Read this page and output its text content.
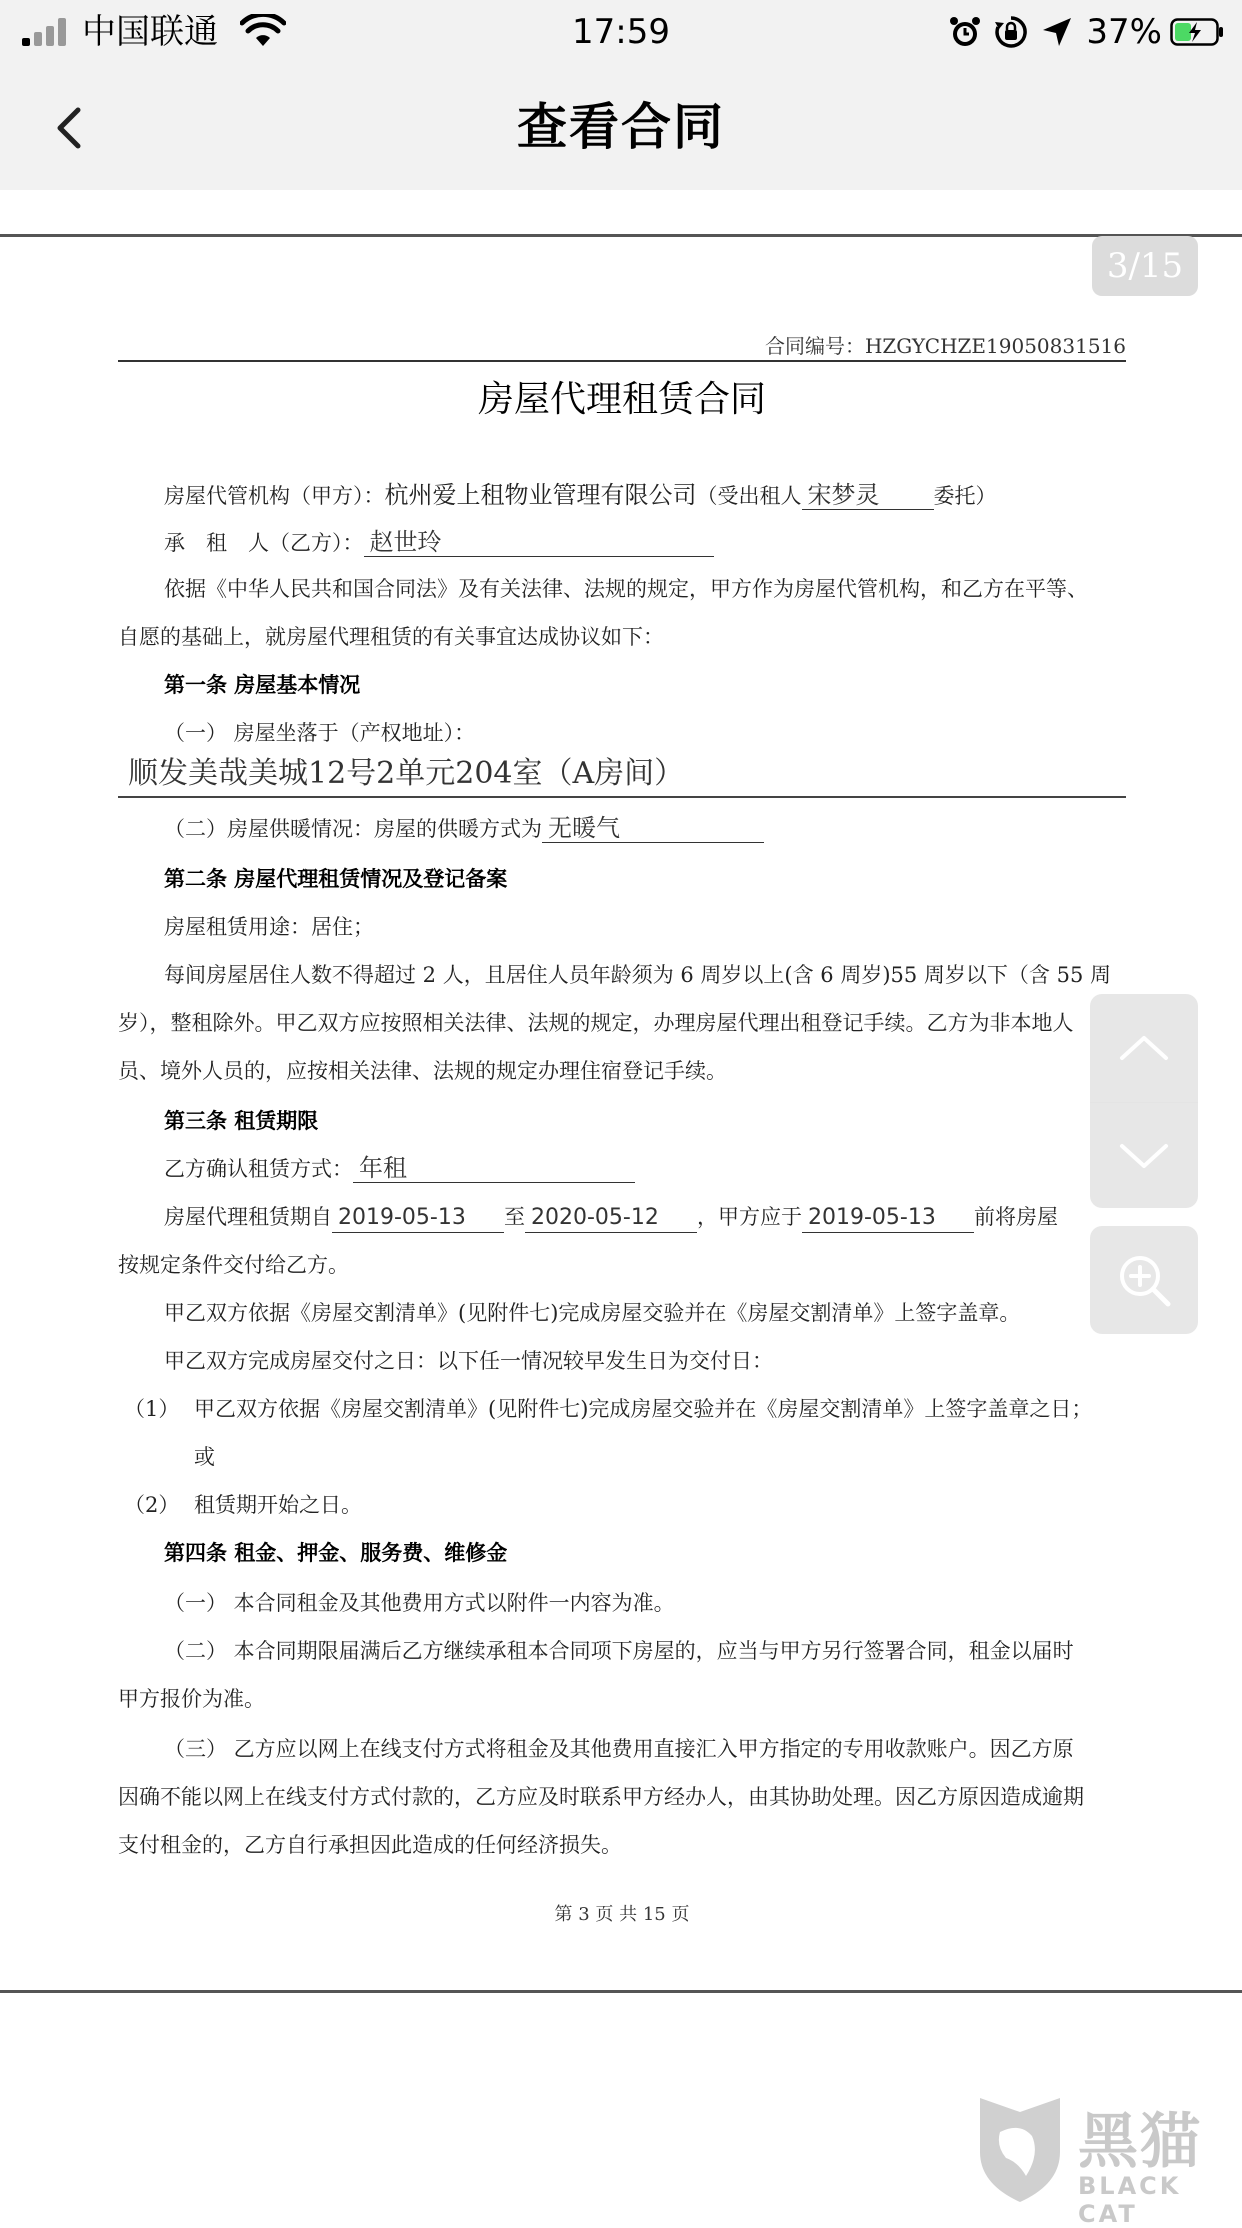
中国联通	17:59	37%
查看合同
3/15
合同编号：HZGYCHZE19050831516
房屋代理租赁合同
房屋代管机构（甲方）：杭州爱上租物业管理有限公司（受出租人 宋梦灵	委托）
承　租　人（乙方）： 赵世玲
依据《中华人民共和国合同法》及有关法律、法规的规定，甲方作为房屋代管机构，和乙方在平等、
自愿的基础上，就房屋代理租赁的有关事宜达成协议如下：
第一条 房屋基本情况
（一） 房屋坐落于（产权地址）：
顺发美哉美城12号2单元204室（A房间）
（二）房屋供暖情况：房屋的供暖方式为 无暖气
第二条 房屋代理租赁情况及登记备案
房屋租赁用途：居住；
每间房屋居住人数不得超过 2 人，且居住人员年龄须为 6 周岁以上(含 6 周岁)55 周岁以下（含 55 周
岁），整租除外。甲乙双方应按照相关法律、法规的规定，办理房屋代理出租登记手续。乙方为非本地人
员、境外人员的，应按相关法律、法规的规定办理住宿登记手续。
第三条 租赁期限
乙方确认租赁方式： 年租
房屋代理租赁期自 2019-05-13 至 2020-05-12 ，甲方应于 2019-05-13 前将房屋
按规定条件交付给乙方。
甲乙双方依据《房屋交割清单》(见附件七)完成房屋交验并在《房屋交割清单》上签字盖章。
甲乙双方完成房屋交付之日：以下任一情况较早发生日为交付日：
（1） 甲乙双方依据《房屋交割清单》(见附件七)完成房屋交验并在《房屋交割清单》上签字盖章之日；
或
（2） 租赁期开始之日。
第四条 租金、押金、服务费、维修金
（一） 本合同租金及其他费用方式以附件一内容为准。
（二） 本合同期限届满后乙方继续承租本合同项下房屋的，应当与甲方另行签署合同，租金以届时
甲方报价为准。
（三） 乙方应以网上在线支付方式将租金及其他费用直接汇入甲方指定的专用收款账户。因乙方原
因确不能以网上在线支付方式付款的，乙方应及时联系甲方经办人，由其协助处理。因乙方原因造成逾期
支付租金的，乙方自行承担因此造成的任何经济损失。
第 3 页 共 15 页
黑猫
BLACK CAT
